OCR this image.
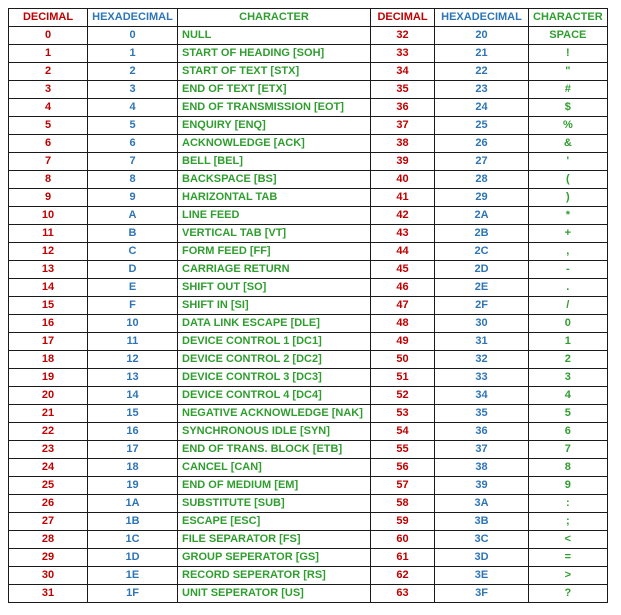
DECIMAL	HEXADECIMAL	CHARACTER	DECIMAL	HEXADECIMAL	CHARACTER
0	0	NULL	32	20	SPACE
1	1	START OF HEADING [SOH]	33	21	!
2	2	START OF TEXT [STX]	34	22	"
3	3	END OF TEXT [ETX]	35	23	#
4	4	END OF TRANSMISSION [EOT]	36	24	$
5	5	ENQUIRY [ENQ]	37	25	%
6	6	ACKNOWLEDGE [ACK]	38	26	&
7	7	BELL [BEL]	39	27	'
8	8	BACKSPACE [BS]	40	28	(
9	9	HARIZONTAL TAB	41	29	)
10	A	LINE FEED	42	2A	*
11	B	VERTICAL TAB [VT]	43	2B	+
12	C	FORM FEED [FF]	44	2C	,
13	D	CARRIAGE RETURN	45	2D	-
14	E	SHIFT OUT [SO]	46	2E	.
15	F	SHIFT IN [SI]	47	2F	/
16	10	DATA LINK ESCAPE [DLE]	48	30	0
17	11	DEVICE CONTROL 1 [DC1]	49	31	1
18	12	DEVICE CONTROL 2 [DC2]	50	32	2
19	13	DEVICE CONTROL 3 [DC3]	51	33	3
20	14	DEVICE CONTROL 4 [DC4]	52	34	4
21	15	NEGATIVE ACKNOWLEDGE [NAK]	53	35	5
22	16	SYNCHRONOUS IDLE [SYN]	54	36	6
23	17	END OF TRANS. BLOCK [ETB]	55	37	7
24	18	CANCEL [CAN]	56	38	8
25	19	END OF MEDIUM [EM]	57	39	9
26	1A	SUBSTITUTE [SUB]	58	3A	:
27	1B	ESCAPE [ESC]	59	3B	;
28	1C	FILE SEPARATOR [FS]	60	3C	<
29	1D	GROUP SEPERATOR [GS]	61	3D	=
30	1E	RECORD SEPERATOR [RS]	62	3E	>
31	1F	UNIT SEPERATOR [US]	63	3F	?
